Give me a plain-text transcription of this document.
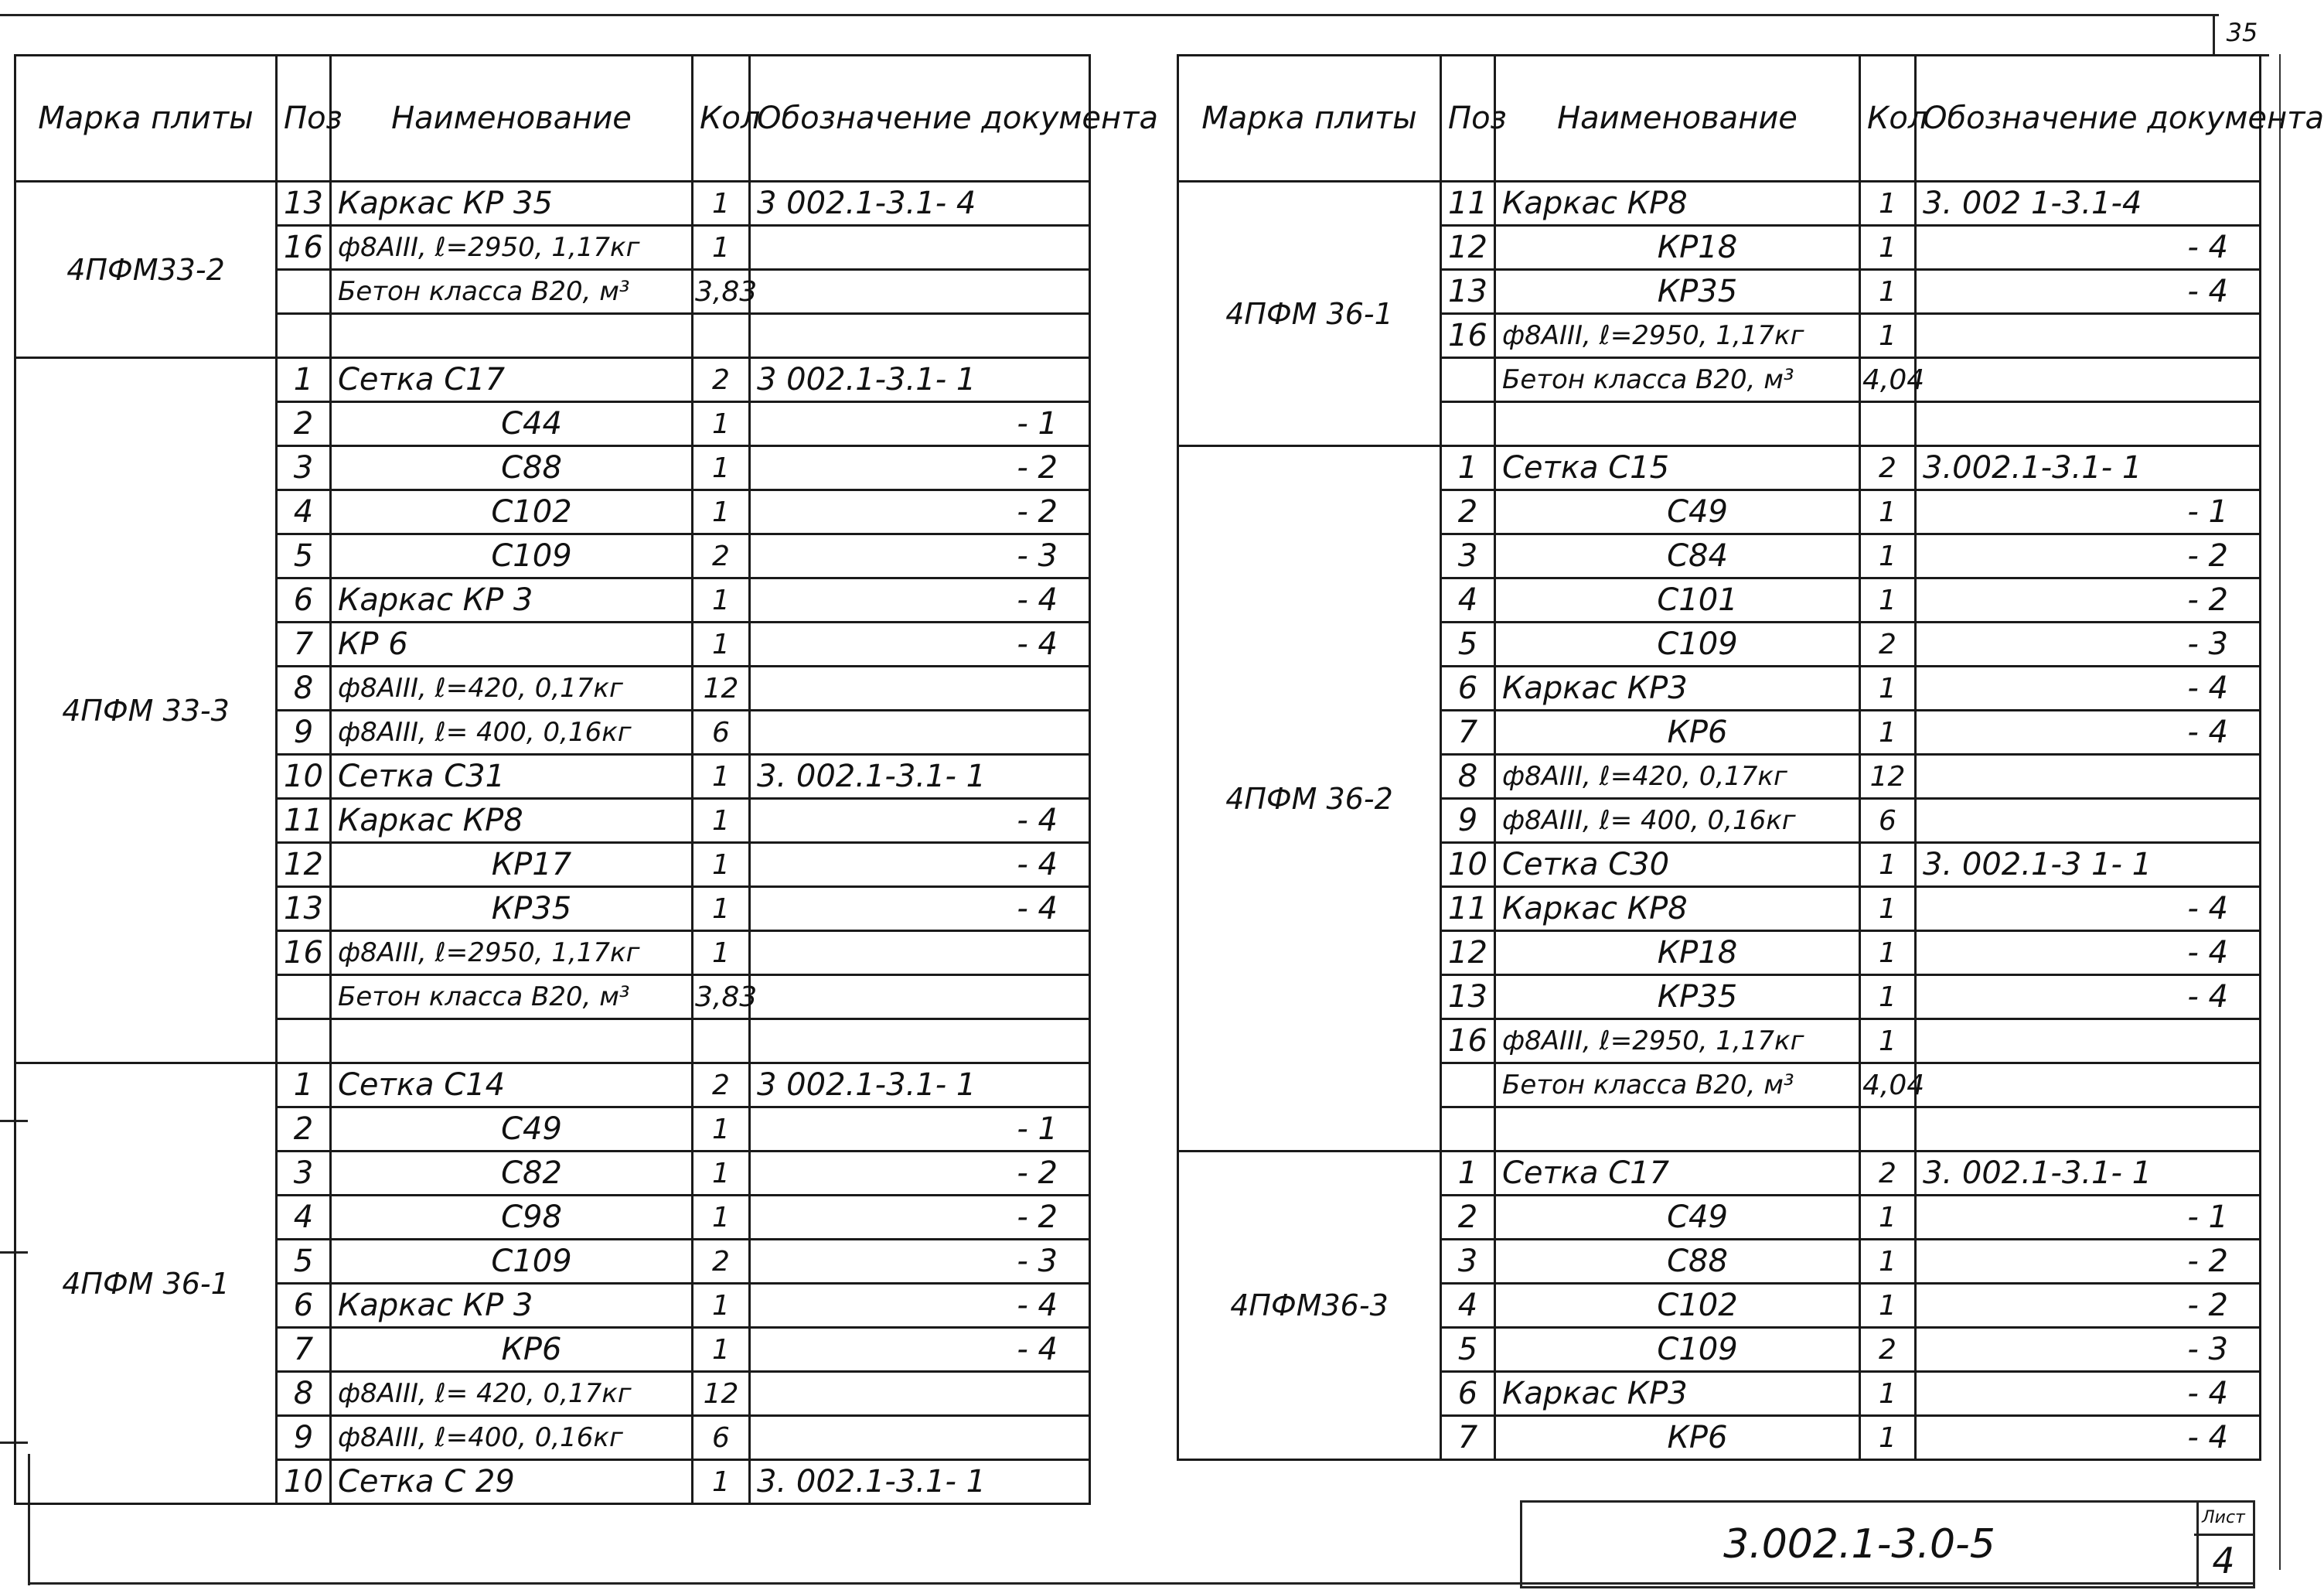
35
Марка плиты	Поз	Наименование	Кол	Обозначение документа
4ПФМ33-2	13	Каркас КР 35	1	3 002.1-3.1- 4
	16	ф8АIII, ℓ=2950, 1,17кг	1	
		Бетон класса В20, м³	3,83	

4ПФМ 33-3	1	Сетка С17	2	3 002.1-3.1- 1
	2	С44	1	- 1
	3	С88	1	- 2
	4	С102	1	- 2
	5	С109	2	- 3
	6	Каркас КР 3	1	- 4
	7	КР 6	1	- 4
	8	ф8АIII, ℓ=420, 0,17кг	12	
	9	ф8АIII, ℓ= 400, 0,16кг	6	
	10	Сетка С31	1	3. 002.1-3.1- 1
	11	Каркас КР8	1	- 4
	12	КР17	1	- 4
	13	КР35	1	- 4
	16	ф8АIII, ℓ=2950, 1,17кг	1	
		Бетон класса В20, м³	3,83	

4ПФМ 36-1	1	Сетка С14	2	3 002.1-3.1- 1
	2	С49	1	- 1
	3	С82	1	- 2
	4	С98	1	- 2
	5	С109	2	- 3
	6	Каркас КР 3	1	- 4
	7	КР6	1	- 4
	8	ф8АIII, ℓ= 420, 0,17кг	12	
	9	ф8АIII, ℓ=400, 0,16кг	6	
	10	Сетка С 29	1	3. 002.1-3.1- 1
Марка плиты	Поз	Наименование	Кол	Обозначение документа
4ПФМ 36-1	11	Каркас КР8	1	3. 002 1-3.1-4
	12	КР18	1	- 4
	13	КР35	1	- 4
	16	ф8АIII, ℓ=2950, 1,17кг	1	
		Бетон класса В20, м³	4,04	

4ПФМ 36-2	1	Сетка С15	2	3.002.1-3.1- 1
	2	С49	1	- 1
	3	С84	1	- 2
	4	С101	1	- 2
	5	С109	2	- 3
	6	Каркас КР3	1	- 4
	7	КР6	1	- 4
	8	ф8АIII, ℓ=420, 0,17кг	12	
	9	ф8АIII, ℓ= 400, 0,16кг	6	
	10	Сетка С30	1	3. 002.1-3 1- 1
	11	Каркас КР8	1	- 4
	12	КР18	1	- 4
	13	КР35	1	- 4
	16	ф8АIII, ℓ=2950, 1,17кг	1	
		Бетон класса В20, м³	4,04	

4ПФМ36-3	1	Сетка С17	2	3. 002.1-3.1- 1
	2	С49	1	- 1
	3	С88	1	- 2
	4	С102	1	- 2
	5	С109	2	- 3
	6	Каркас КР3	1	- 4
	7	КР6	1	- 4
3.002.1-3.0-5
Лист
4
